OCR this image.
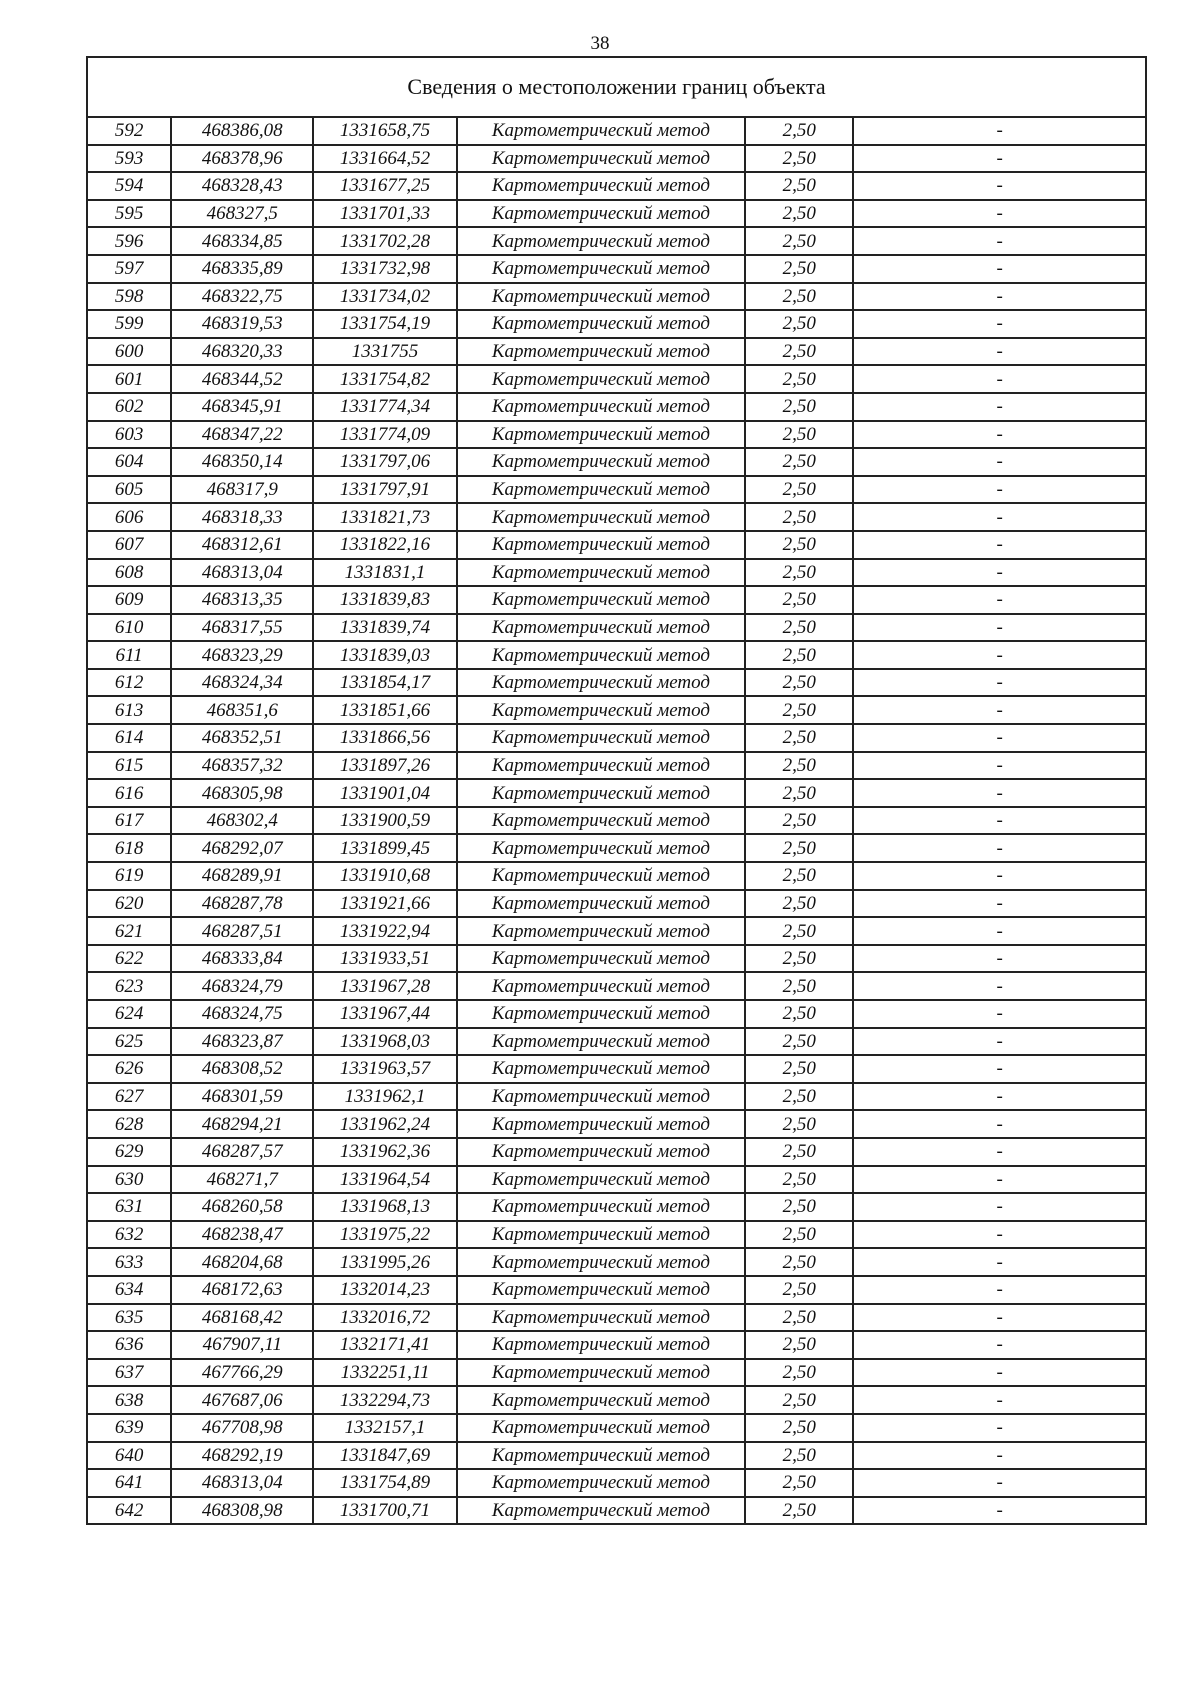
38
Сведения о местоположении границ объекта					
592	468386,08	1331658,75	Картометрический метод	2,50	-
593	468378,96	1331664,52	Картометрический метод	2,50	-
594	468328,43	1331677,25	Картометрический метод	2,50	-
595	468327,5	1331701,33	Картометрический метод	2,50	-
596	468334,85	1331702,28	Картометрический метод	2,50	-
597	468335,89	1331732,98	Картометрический метод	2,50	-
598	468322,75	1331734,02	Картометрический метод	2,50	-
599	468319,53	1331754,19	Картометрический метод	2,50	-
600	468320,33	1331755	Картометрический метод	2,50	-
601	468344,52	1331754,82	Картометрический метод	2,50	-
602	468345,91	1331774,34	Картометрический метод	2,50	-
603	468347,22	1331774,09	Картометрический метод	2,50	-
604	468350,14	1331797,06	Картометрический метод	2,50	-
605	468317,9	1331797,91	Картометрический метод	2,50	-
606	468318,33	1331821,73	Картометрический метод	2,50	-
607	468312,61	1331822,16	Картометрический метод	2,50	-
608	468313,04	1331831,1	Картометрический метод	2,50	-
609	468313,35	1331839,83	Картометрический метод	2,50	-
610	468317,55	1331839,74	Картометрический метод	2,50	-
611	468323,29	1331839,03	Картометрический метод	2,50	-
612	468324,34	1331854,17	Картометрический метод	2,50	-
613	468351,6	1331851,66	Картометрический метод	2,50	-
614	468352,51	1331866,56	Картометрический метод	2,50	-
615	468357,32	1331897,26	Картометрический метод	2,50	-
616	468305,98	1331901,04	Картометрический метод	2,50	-
617	468302,4	1331900,59	Картометрический метод	2,50	-
618	468292,07	1331899,45	Картометрический метод	2,50	-
619	468289,91	1331910,68	Картометрический метод	2,50	-
620	468287,78	1331921,66	Картометрический метод	2,50	-
621	468287,51	1331922,94	Картометрический метод	2,50	-
622	468333,84	1331933,51	Картометрический метод	2,50	-
623	468324,79	1331967,28	Картометрический метод	2,50	-
624	468324,75	1331967,44	Картометрический метод	2,50	-
625	468323,87	1331968,03	Картометрический метод	2,50	-
626	468308,52	1331963,57	Картометрический метод	2,50	-
627	468301,59	1331962,1	Картометрический метод	2,50	-
628	468294,21	1331962,24	Картометрический метод	2,50	-
629	468287,57	1331962,36	Картометрический метод	2,50	-
630	468271,7	1331964,54	Картометрический метод	2,50	-
631	468260,58	1331968,13	Картометрический метод	2,50	-
632	468238,47	1331975,22	Картометрический метод	2,50	-
633	468204,68	1331995,26	Картометрический метод	2,50	-
634	468172,63	1332014,23	Картометрический метод	2,50	-
635	468168,42	1332016,72	Картометрический метод	2,50	-
636	467907,11	1332171,41	Картометрический метод	2,50	-
637	467766,29	1332251,11	Картометрический метод	2,50	-
638	467687,06	1332294,73	Картометрический метод	2,50	-
639	467708,98	1332157,1	Картометрический метод	2,50	-
640	468292,19	1331847,69	Картометрический метод	2,50	-
641	468313,04	1331754,89	Картометрический метод	2,50	-
642	468308,98	1331700,71	Картометрический метод	2,50	-
